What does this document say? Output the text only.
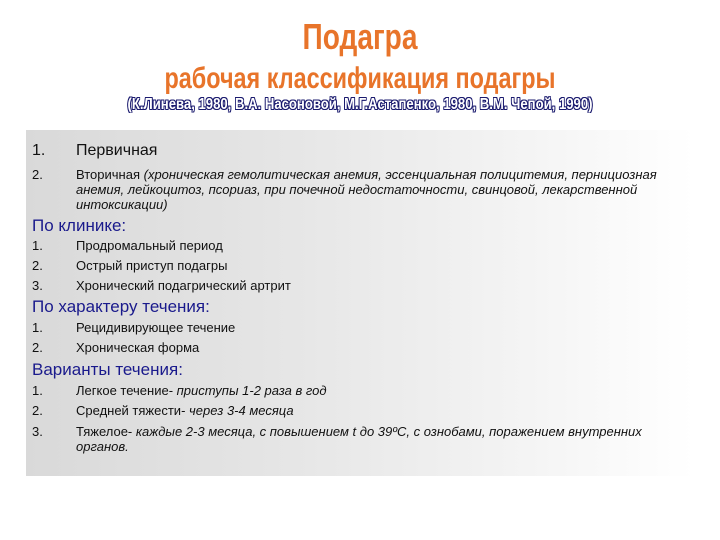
Подагра
рабочая классификация подагры
(К.Линева, 1980, В.А. Насоновой, М.Г.Астапенко, 1980, В.М. Чепой, 1990)
1. Первичная
2.	Вторичная (хроническая гемолитическая анемия, эссенциальная полицитемия, пернициозная анемия, лейкоцитоз, псориаз, при почечной недостаточности, свинцовой, лекарственной интоксикации)
По клинике:
1.	Продромальный период
2.	Острый приступ подагры
3.	Хронический подагрический артрит
По характеру течения:
1.	Рецидивирующее течение
2.	Хроническая форма
Варианты течения:
1.	Легкое течение- приступы 1-2 раза в год
2.	Средней тяжести- через 3-4 месяца
3.	Тяжелое- каждые 2-3 месяца, с повышением t до 39ºС, с ознобами, поражением внутренних органов.
